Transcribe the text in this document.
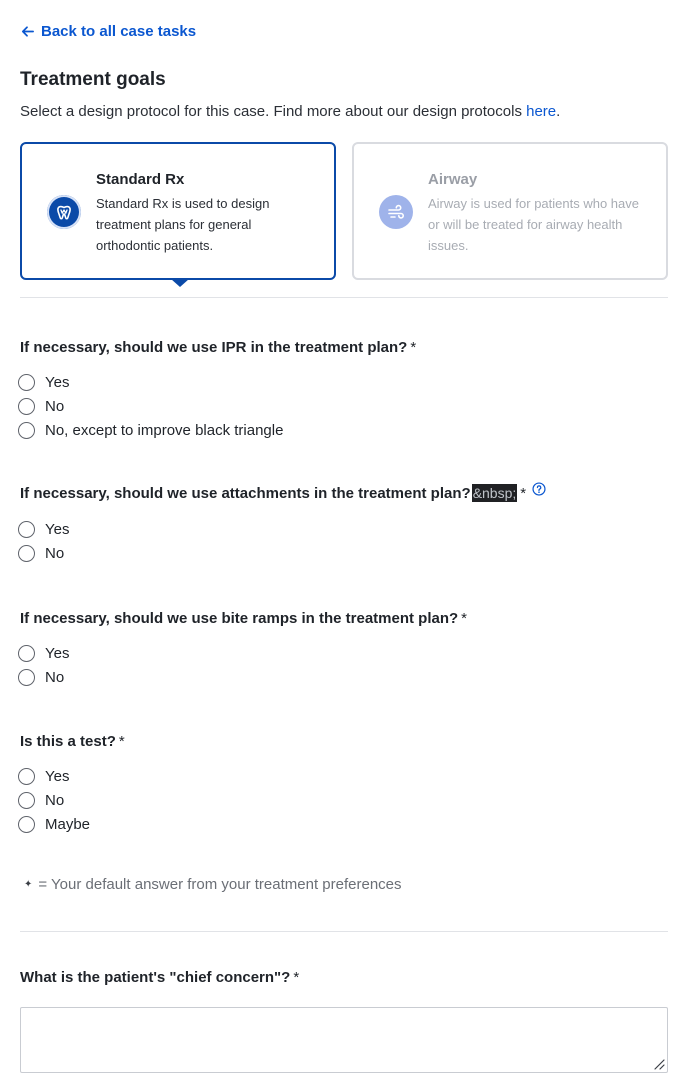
Back to all case tasks
Treatment goals

Select a design protocol for this case. Find more about our design protocols here.

Standard Rx
Standard Rx is used to design treatment plans for general orthodontic patients.
Airway
Airway is used for patients who have or will be treated for airway health issues.
If necessary, should we use IPR in the treatment plan? *
Yes
No
No, except to improve black triangle
If necessary, should we use attachments in the treatment plan? &nbsp; *
Yes
No
If necessary, should we use bite ramps in the treatment plan? *
Yes
No
Is this a test? *
Yes
No
Maybe
✦ = Your default answer from your treatment preferences
What is the patient's "chief concern"? *
